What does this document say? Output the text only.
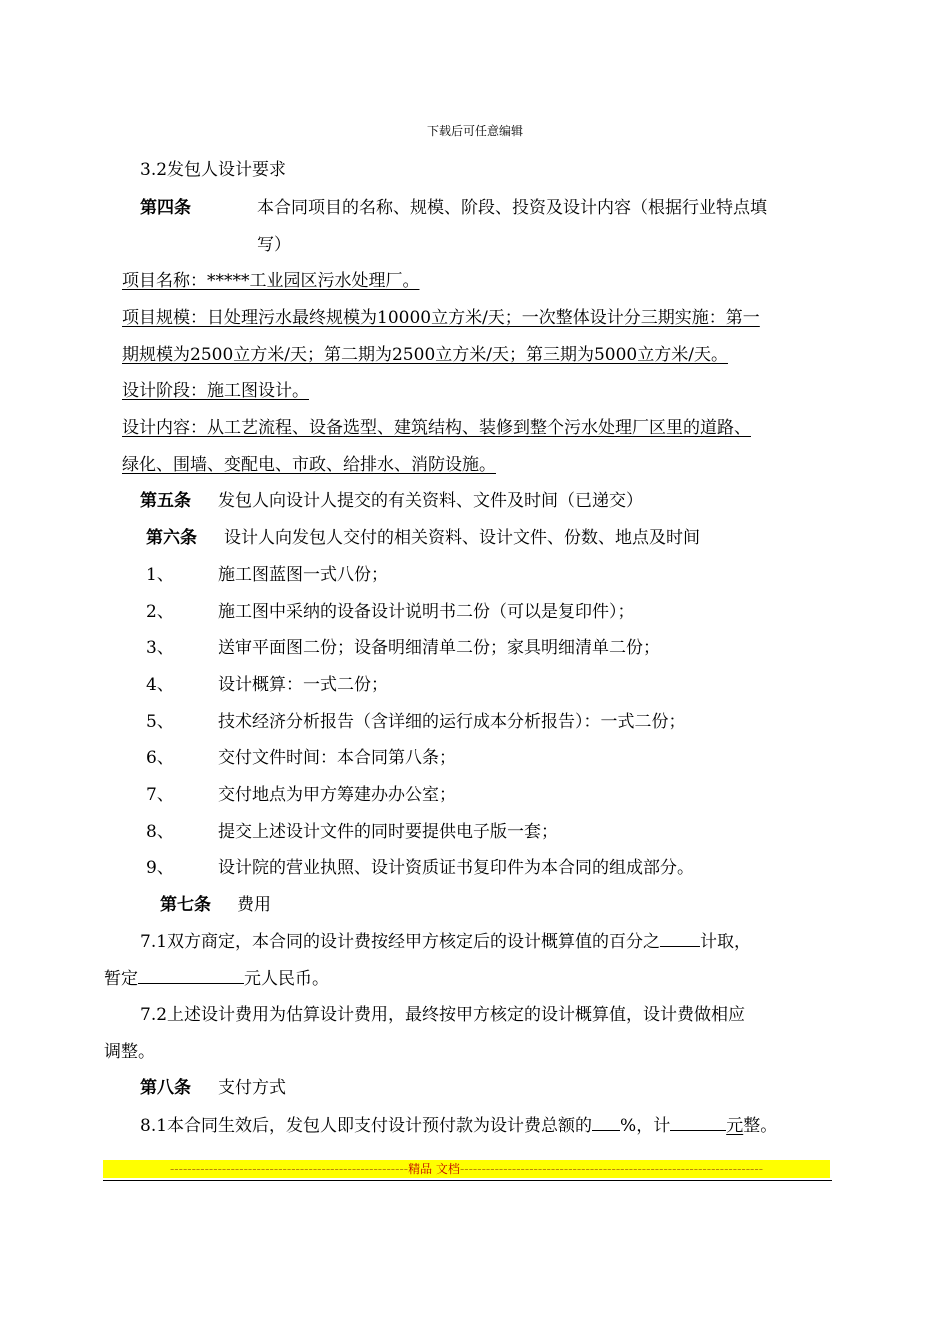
下载后可任意编辑
3.2发包人设计要求
第四条	本合同项目的名称、规模、阶段、投资及设计内容（根据行业特点填
写）
项目名称：*****工业园区污水处理厂。
项目规模：日处理污水最终规模为10000立方米/天；一次整体设计分三期实施：第一
期规模为2500立方米/天；第二期为2500立方米/天；第三期为5000立方米/天。
设计阶段：施工图设计。
设计内容：从工艺流程、设备选型、建筑结构、装修到整个污水处理厂区里的道路、
绿化、围墙、变配电、市政、给排水、消防设施。
第五条 发包人向设计人提交的有关资料、文件及时间（已递交）
第六条 设计人向发包人交付的相关资料、设计文件、份数、地点及时间
1、	施工图蓝图一式八份；
2、	施工图中采纳的设备设计说明书二份（可以是复印件）；
3、	送审平面图二份；设备明细清单二份；家具明细清单二份；
4、	设计概算：一式二份；
5、	技术经济分析报告（含详细的运行成本分析报告）：一式二份；
6、	交付文件时间：本合同第八条；
7、	交付地点为甲方筹建办办公室；
8、	提交上述设计文件的同时要提供电子版一套；
9、	设计院的营业执照、设计资质证书复印件为本合同的组成部分。
第七条 费用
7.1双方商定，本合同的设计费按经甲方核定后的设计概算值的百分之 计取，
暂定	元人民币。
7.2上述设计费用为估算设计费用，最终按甲方核定的设计概算值，设计费做相应
调整。
第八条 支付方式
8.1本合同生效后，发包人即支付设计预付款为设计费总额的 %，计	元整。
-------------------------------------------------------精品 文档----------------------------------------------------------------------
